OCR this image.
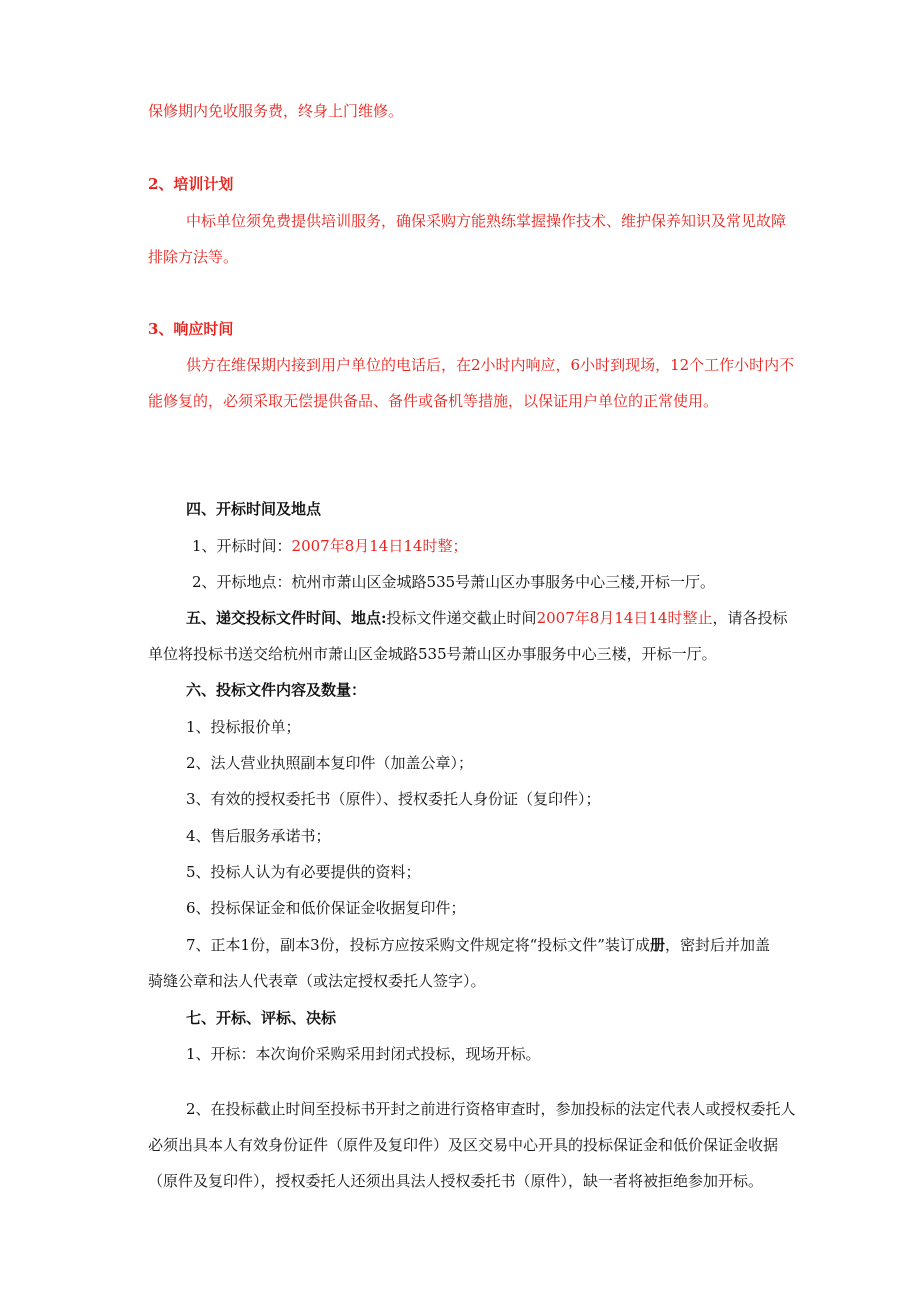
保修期内免收服务费，终身上门维修。
2、培训计划
中标单位须免费提供培训服务，确保采购方能熟练掌握操作技术、维护保养知识及常见故障
排除方法等。
3、响应时间
供方在维保期内接到用户单位的电话后，在2小时内响应，6小时到现场，12个工作小时内不
能修复的，必须采取无偿提供备品、备件或备机等措施，以保证用户单位的正常使用。
四、开标时间及地点
1、开标时间：2007年8月14日14时整；
2、开标地点：杭州市萧山区金城路535号萧山区办事服务中心三楼,开标一厅。
五、递交投标文件时间、地点:投标文件递交截止时间2007年8月14日14时整止，请各投标
单位将投标书送交给杭州市萧山区金城路535号萧山区办事服务中心三楼，开标一厅。
六、投标文件内容及数量：
1、投标报价单；
2、法人营业执照副本复印件（加盖公章）；
3、有效的授权委托书（原件）、授权委托人身份证（复印件）；
4、售后服务承诺书；
5、投标人认为有必要提供的资料；
6、投标保证金和低价保证金收据复印件；
7、正本1份，副本3份，投标方应按采购文件规定将“投标文件”装订成册，密封后并加盖
骑缝公章和法人代表章（或法定授权委托人签字）。
七、开标、评标、决标
1、开标：本次询价采购采用封闭式投标，现场开标。
2、在投标截止时间至投标书开封之前进行资格审查时，参加投标的法定代表人或授权委托人
必须出具本人有效身份证件（原件及复印件）及区交易中心开具的投标保证金和低价保证金收据
（原件及复印件），授权委托人还须出具法人授权委托书（原件），缺一者将被拒绝参加开标。
